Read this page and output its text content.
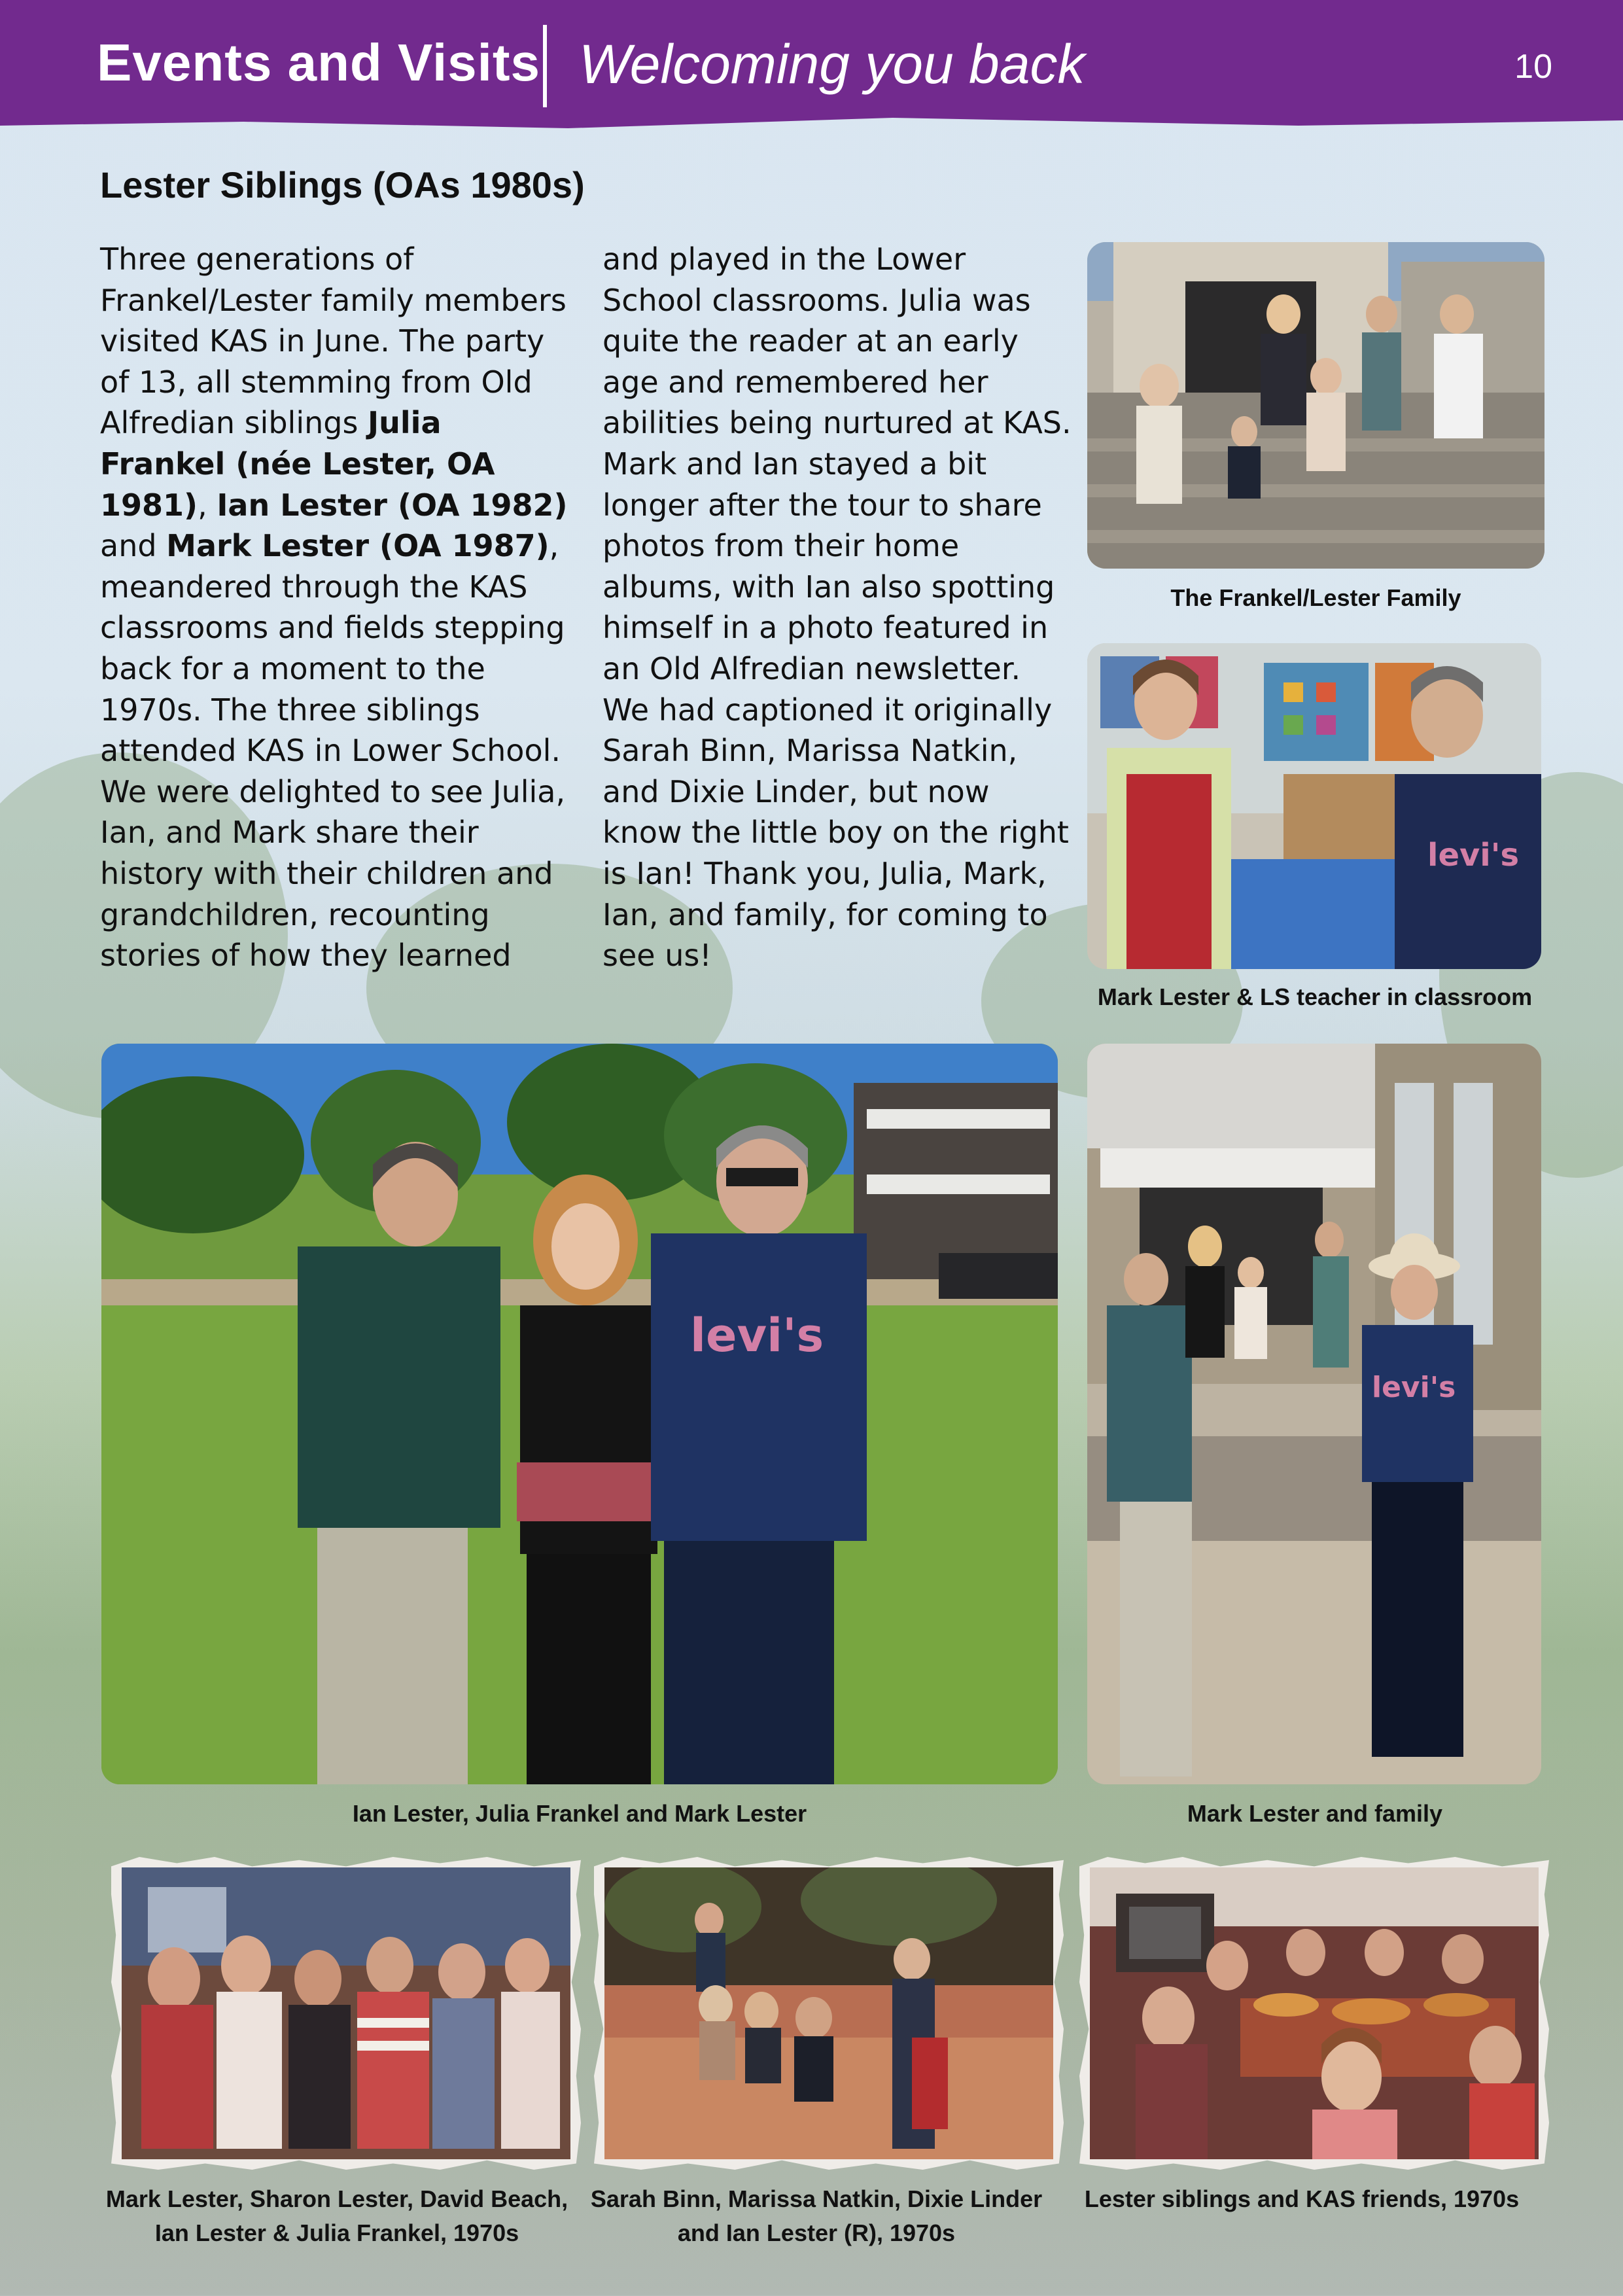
Events and Visits Welcoming you back	10
Lester Siblings (OAs 1980s)
Three generations of Frankel/Lester family members visited KAS in June. The party of 13, all stemming from Old Alfredian siblings Julia Frankel (née Lester, OA 1981), Ian Lester (OA 1982) and Mark Lester (OA 1987), meandered through the KAS classrooms and fields stepping back for a moment to the 1970s. The three siblings attended KAS in Lower School. We were delighted to see Julia, Ian, and Mark share their history with their children and grandchildren, recounting stories of how they learned
and played in the Lower School classrooms. Julia was quite the reader at an early age and remembered her abilities being nurtured at KAS. Mark and Ian stayed a bit longer after the tour to share photos from their home albums, with Ian also spotting himself in a photo featured in an Old Alfredian newsletter. We had captioned it originally Sarah Binn, Marissa Natkin, and Dixie Linder, but now know the little boy on the right is Ian! Thank you, Julia, Mark, Ian, and family, for coming to see us!
The Frankel/Lester Family
levi's
Mark Lester & LS teacher in classroom
levi's
Ian Lester, Julia Frankel and Mark Lester
levi's
Mark Lester and family
Mark Lester, Sharon Lester, David Beach, Ian Lester & Julia Frankel, 1970s
Sarah Binn, Marissa Natkin, Dixie Linder and Ian Lester (R), 1970s
Lester siblings and KAS friends, 1970s
